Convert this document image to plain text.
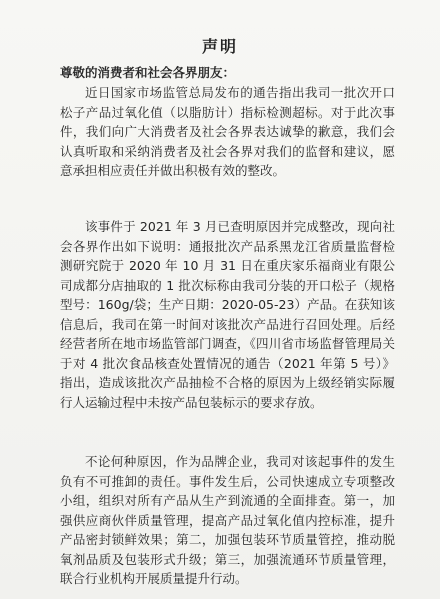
声明
尊敬的消费者和社会各界朋友：
近日国家市场监管总局发布的通告指出我司一批次开口松子产品过氧化值（以脂肪计）指标检测超标。对于此次事件，我们向广大消费者及社会各界表达诚挚的歉意，我们会认真听取和采纳消费者及社会各界对我们的监督和建议，愿意承担相应责任并做出积极有效的整改。
该事件于 2021 年 3 月已查明原因并完成整改，现向社会各界作出如下说明：通报批次产品系黑龙江省质量监督检测研究院于 2020 年 10 月 31 日在重庆家乐福商业有限公司成都分店抽取的 1 批次标称由我司分装的开口松子（规格型号：160g/袋；生产日期：2020-05-23）产品。在获知该信息后，我司在第一时间对该批次产品进行召回处理。后经经营者所在地市场监管部门调查，《四川省市场监督管理局关于对 4 批次食品核查处置情况的通告（2021 年第 5 号）》指出，造成该批次产品抽检不合格的原因为上级经销实际履行人运输过程中未按产品包装标示的要求存放。
不论何种原因，作为品牌企业，我司对该起事件的发生负有不可推卸的责任。事件发生后，公司快速成立专项整改小组，组织对所有产品从生产到流通的全面排查。第一，加强供应商伙伴质量管理，提高产品过氧化值内控标准，提升产品密封锁鲜效果；第二，加强包装环节质量管控，推动脱氧剂品质及包装形式升级；第三，加强流通环节质量管理，联合行业机构开展质量提升行动。
